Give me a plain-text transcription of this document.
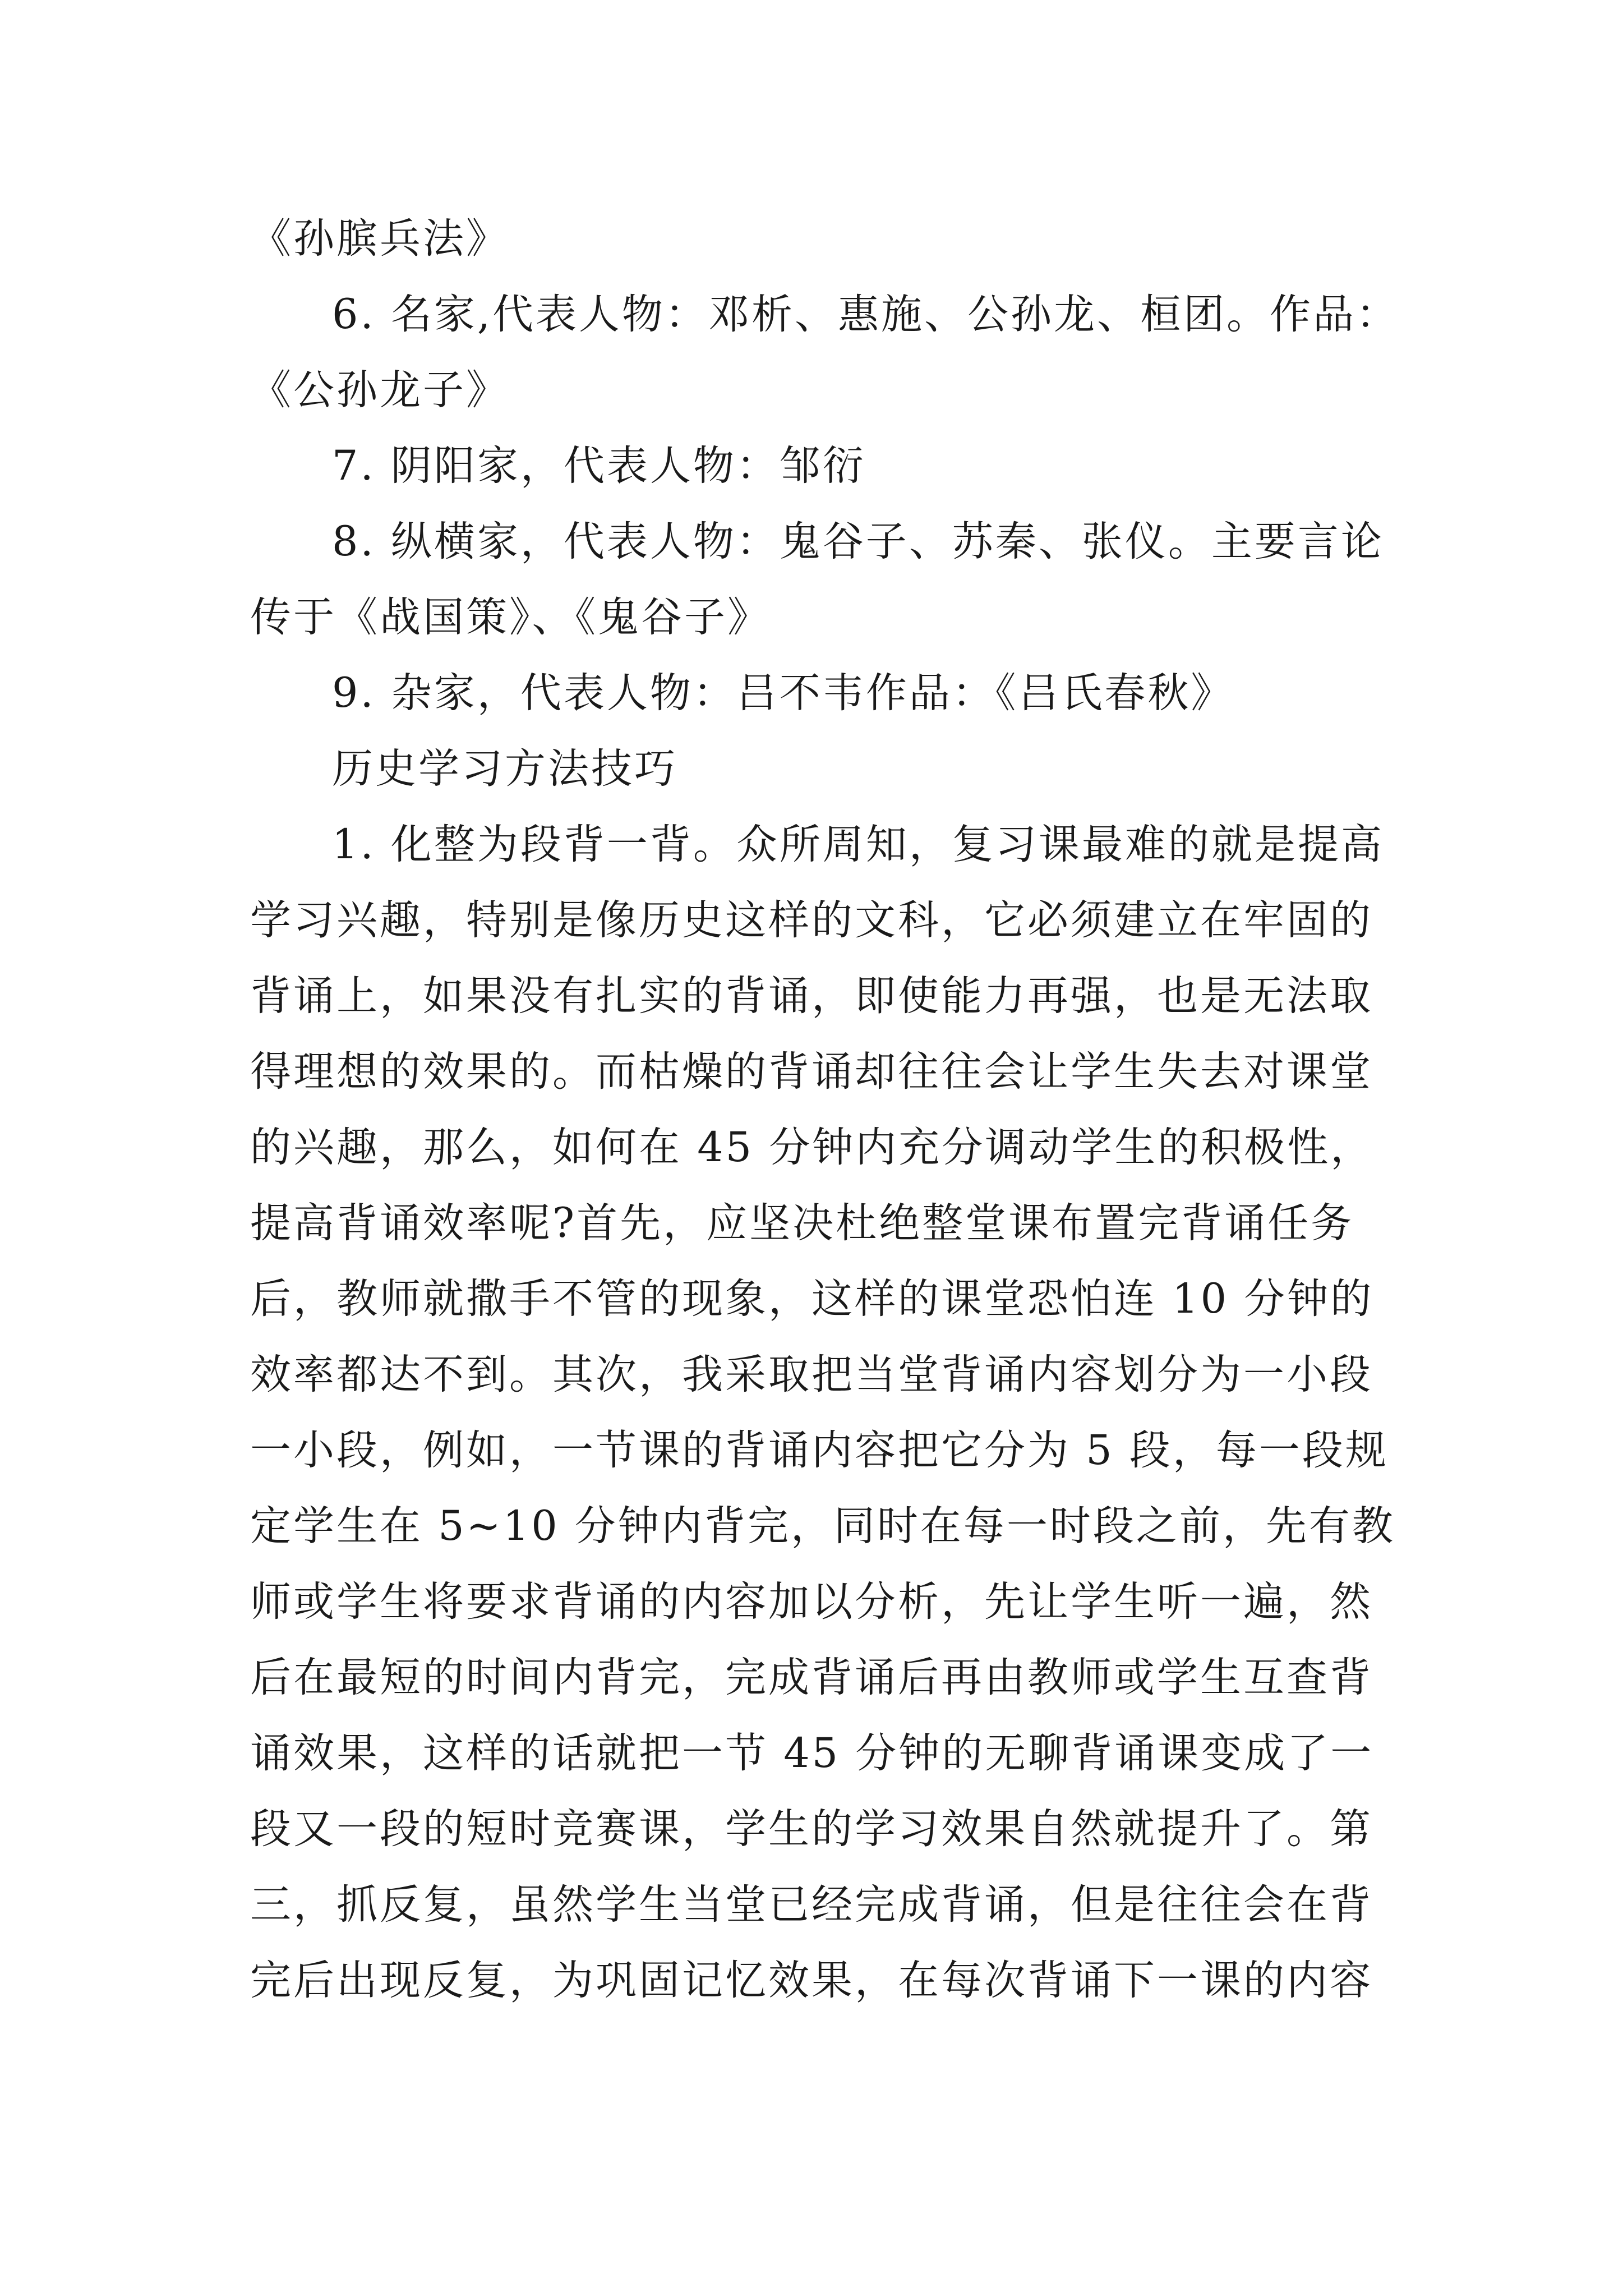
《孙膑兵法》
6. 名家,代表人物：邓析、惠施、公孙龙、桓团。作品：
《公孙龙子》
7. 阴阳家，代表人物：邹衍
8. 纵横家，代表人物：鬼谷子、苏秦、张仪。主要言论
传于《战国策》、《鬼谷子》
9. 杂家，代表人物：吕不韦作品：《吕氏春秋》
历史学习方法技巧
1. 化整为段背一背。众所周知，复习课最难的就是提高
学习兴趣，特别是像历史这样的文科，它必须建立在牢固的
背诵上，如果没有扎实的背诵，即使能力再强，也是无法取
得理想的效果的。而枯燥的背诵却往往会让学生失去对课堂
的兴趣，那么，如何在 45 分钟内充分调动学生的积极性，
提高背诵效率呢?首先，应坚决杜绝整堂课布置完背诵任务
后，教师就撒手不管的现象，这样的课堂恐怕连 10 分钟的
效率都达不到。其次，我采取把当堂背诵内容划分为一小段
一小段，例如，一节课的背诵内容把它分为 5 段，每一段规
定学生在 5~10 分钟内背完，同时在每一时段之前，先有教
师或学生将要求背诵的内容加以分析，先让学生听一遍，然
后在最短的时间内背完，完成背诵后再由教师或学生互查背
诵效果，这样的话就把一节 45 分钟的无聊背诵课变成了一
段又一段的短时竞赛课，学生的学习效果自然就提升了。第
三，抓反复，虽然学生当堂已经完成背诵，但是往往会在背
完后出现反复，为巩固记忆效果，在每次背诵下一课的内容
